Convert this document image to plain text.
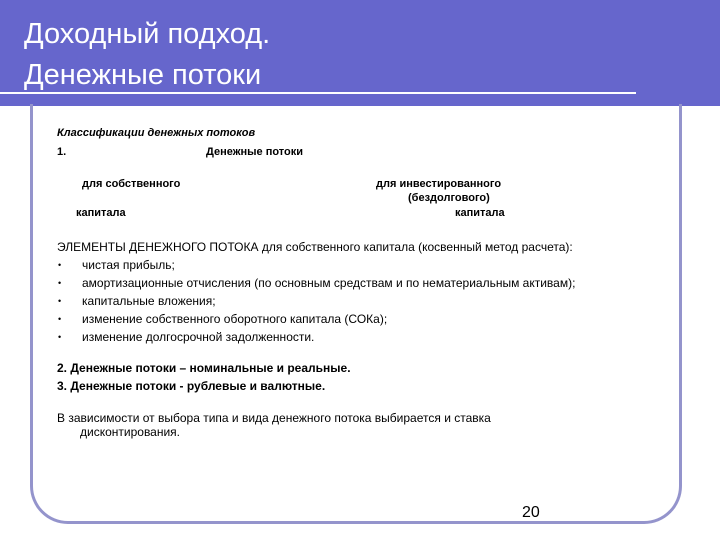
Доходный подход.
Денежные потоки
Классификации денежных потоков
1.	Денежные потоки
для собственного
капитала
для инвестированного
(бездолгового)
капитала
ЭЛЕМЕНТЫ ДЕНЕЖНОГО ПОТОКА для собственного капитала (косвенный метод расчета):
• чистая прибыль;
• амортизационные отчисления (по основным средствам и по нематериальным активам);
• капитальные вложения;
• изменение собственного оборотного капитала (СОКа);
• изменение долгосрочной задолженности.
2. Денежные потоки – номинальные и реальные.
3. Денежные потоки - рублевые и валютные.
В зависимости от выбора типа и вида денежного потока выбирается и ставка
дисконтирования.
20
